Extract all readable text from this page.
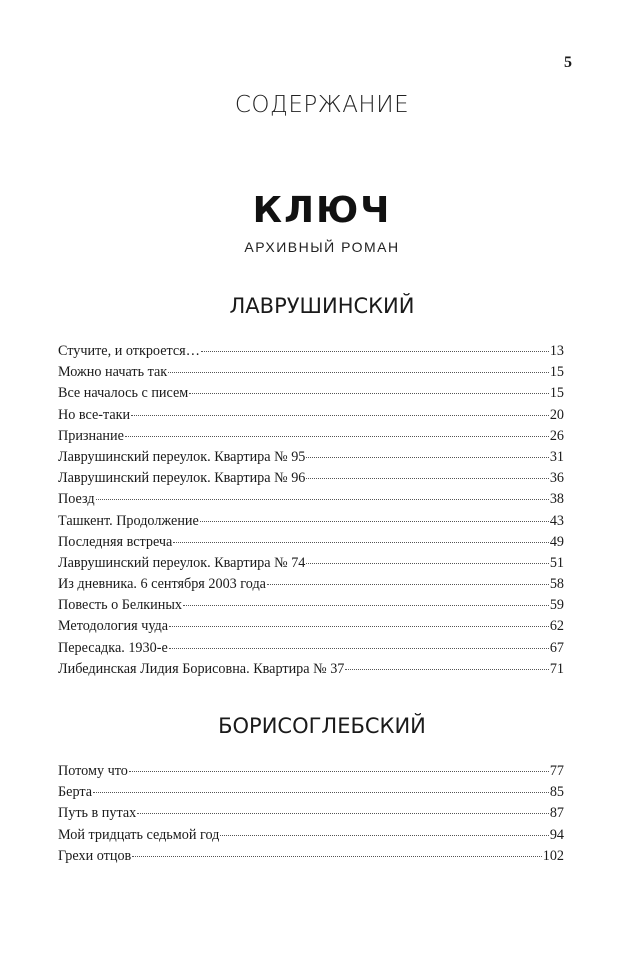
5
СОДЕРЖАНИЕ
КЛЮЧ
АРХИВНЫЙ РОМАН
ЛАВРУШИНСКИЙ
Стучите, и откроется…	13
Можно начать так	15
Все началось с писем	15
Но все-таки	20
Признание	26
Лаврушинский переулок. Квартира № 95	31
Лаврушинский переулок. Квартира № 96	36
Поезд	38
Ташкент. Продолжение	43
Последняя встреча	49
Лаврушинский переулок. Квартира № 74	51
Из дневника. 6 сентября 2003 года	58
Повесть о Белкиных	59
Методология чуда	62
Пересадка. 1930-е	67
Либединская Лидия Борисовна. Квартира № 37	71
БОРИСОГЛЕБСКИЙ
Потому что	77
Берта	85
Путь в путах	87
Мой тридцать седьмой год	94
Грехи отцов	102
